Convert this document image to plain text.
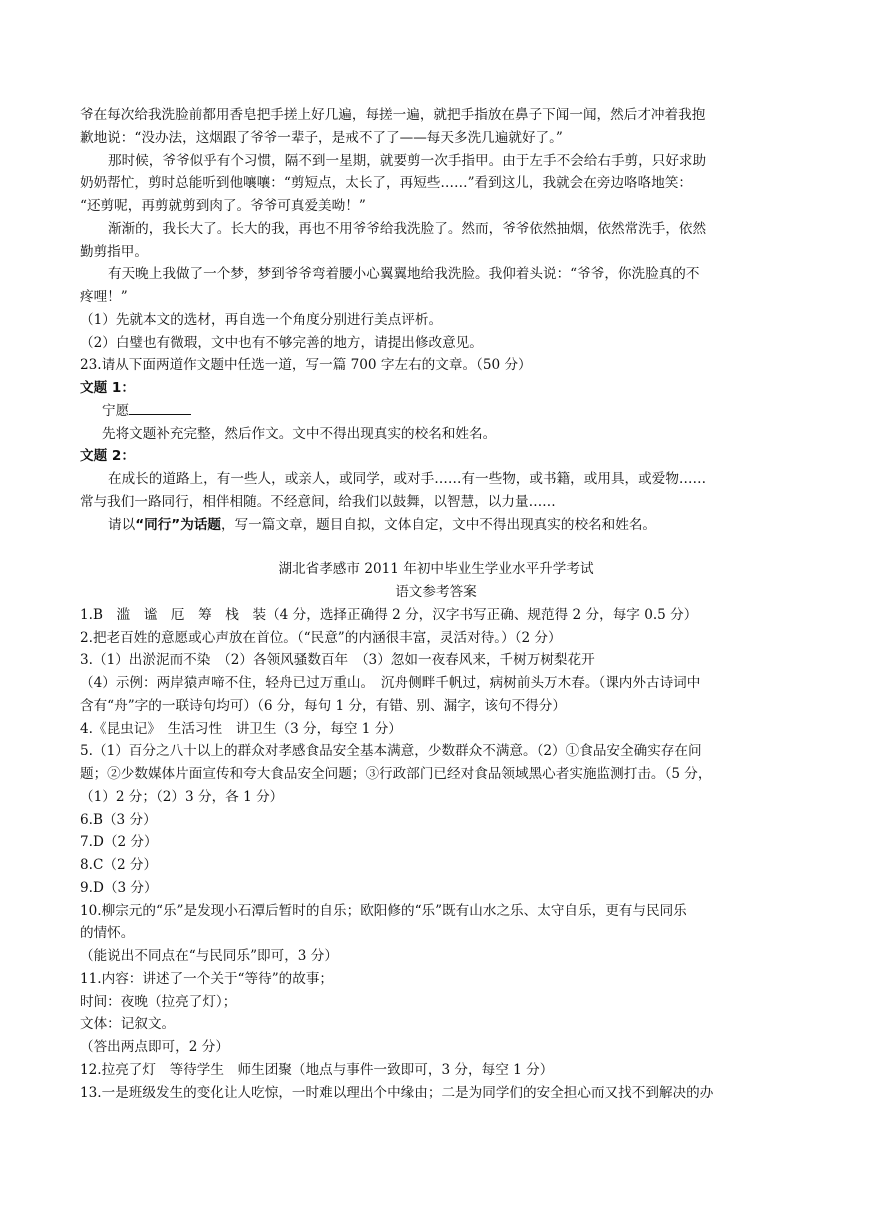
爷在每次给我洗脸前都用香皂把手搓上好几遍，每搓一遍，就把手指放在鼻子下闻一闻，然后才冲着我抱
歉地说：“没办法，这烟跟了爷爷一辈子，是戒不了了——每天多洗几遍就好了。”
那时候，爷爷似乎有个习惯，隔不到一星期，就要剪一次手指甲。由于左手不会给右手剪，只好求助
奶奶帮忙，剪时总能听到他嚷嚷：“剪短点，太长了，再短些……”看到这儿，我就会在旁边咯咯地笑：
“还剪呢，再剪就剪到肉了。爷爷可真爱美呦！”
渐渐的，我长大了。长大的我，再也不用爷爷给我洗脸了。然而，爷爷依然抽烟，依然常洗手，依然
勤剪指甲。
有天晚上我做了一个梦，梦到爷爷弯着腰小心翼翼地给我洗脸。我仰着头说：“爷爷，你洗脸真的不
疼哩！”
（1）先就本文的选材，再自选一个角度分别进行美点评析。
（2）白璧也有微瑕，文中也有不够完善的地方，请提出修改意见。
23.请从下面两道作文题中任选一道，写一篇 700 字左右的文章。（50 分）
文题 1：
宁愿
先将文题补充完整，然后作文。文中不得出现真实的校名和姓名。
文题 2：
在成长的道路上，有一些人，或亲人，或同学，或对手……有一些物，或书籍，或用具，或爱物……
常与我们一路同行，相伴相随。不经意间，给我们以鼓舞，以智慧，以力量……
请以“同行”为话题，写一篇文章，题目自拟，文体自定，文中不得出现真实的校名和姓名。
湖北省孝感市 2011 年初中毕业生学业水平升学考试
语文参考答案
1.B　滥　谧　厄　筹　栈　装（4 分，选择正确得 2 分，汉字书写正确、规范得 2 分，每字 0.5 分）
2.把老百姓的意愿或心声放在首位。（“民意”的内涵很丰富，灵活对待。）（2 分）
3.（1）出淤泥而不染　（2）各领风骚数百年　（3）忽如一夜春风来，千树万树梨花开
（4）示例：两岸猿声啼不住，轻舟已过万重山。　沉舟侧畔千帆过，病树前头万木春。（课内外古诗词中
含有“舟”字的一联诗句均可）（6 分，每句 1 分，有错、别、漏字，该句不得分）
4.《昆虫记》　生活习性　讲卫生（3 分，每空 1 分）
5.（1）百分之八十以上的群众对孝感食品安全基本满意，少数群众不满意。（2）①食品安全确实存在问
题；②少数媒体片面宣传和夸大食品安全问题；③行政部门已经对食品领域黑心者实施监测打击。（5 分，
（1）2 分；（2）3 分，各 1 分）
6.B（3 分）
7.D（2 分）
8.C（2 分）
9.D（3 分）
10.柳宗元的“乐”是发现小石潭后暂时的自乐；欧阳修的“乐”既有山水之乐、太守自乐，更有与民同乐
的情怀。
（能说出不同点在“与民同乐”即可，3 分）
11.内容：讲述了一个关于“等待”的故事；
时间：夜晚（拉亮了灯）；
文体：记叙文。
（答出两点即可，2 分）
12.拉亮了灯　等待学生　师生团聚（地点与事件一致即可，3 分，每空 1 分）
13.一是班级发生的变化让人吃惊，一时难以理出个中缘由；二是为同学们的安全担心而又找不到解决的办
